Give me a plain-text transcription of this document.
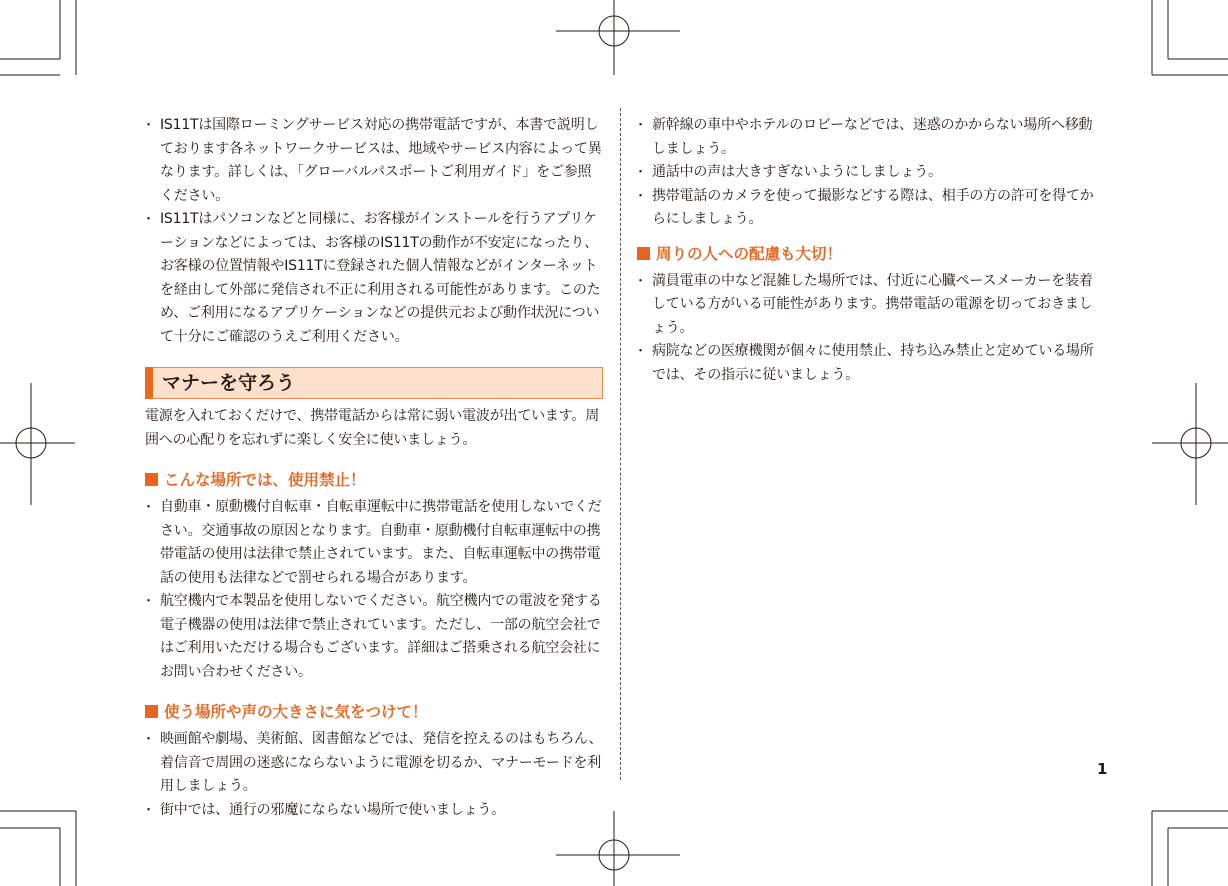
・ IS11Tは国際ローミングサービス対応の携帯電話ですが、本書で説明しております各ネットワークサービスは、地域やサービス内容によって異なります。詳しくは、「グローバルパスポートご利用ガイド」をご参照ください。
・ IS11Tはパソコンなどと同様に、お客様がインストールを行うアプリケーションなどによっては、お客様のIS11Tの動作が不安定になったり、お客様の位置情報やIS11Tに登録された個人情報などがインターネットを経由して外部に発信され不正に利用される可能性があります。このため、ご利用になるアプリケーションなどの提供元および動作状況について十分にご確認のうえご利用ください。
マナーを守ろう
電源を入れておくだけで、携帯電話からは常に弱い電波が出ています。周囲への心配りを忘れずに楽しく安全に使いましょう。
こんな場所では、使用禁止！
・ 自動車・原動機付自転車・自転車運転中に携帯電話を使用しないでください。交通事故の原因となります。自動車・原動機付自転車運転中の携帯電話の使用は法律で禁止されています。また、自転車運転中の携帯電話の使用も法律などで罰せられる場合があります。
・ 航空機内で本製品を使用しないでください。航空機内での電波を発する電子機器の使用は法律で禁止されています。ただし、一部の航空会社ではご利用いただける場合もございます。詳細はご搭乗される航空会社にお問い合わせください。
使う場所や声の大きさに気をつけて！
・ 映画館や劇場、美術館、図書館などでは、発信を控えるのはもちろん、着信音で周囲の迷惑にならないように電源を切るか、マナーモードを利用しましょう。
・ 街中では、通行の邪魔にならない場所で使いましょう。
・ 新幹線の車中やホテルのロビーなどでは、迷惑のかからない場所へ移動しましょう。
・ 通話中の声は大きすぎないようにしましょう。
・ 携帯電話のカメラを使って撮影などする際は、相手の方の許可を得てからにしましょう。
周りの人への配慮も大切！
・ 満員電車の中など混雑した場所では、付近に心臓ペースメーカーを装着している方がいる可能性があります。携帯電話の電源を切っておきましょう。
・ 病院などの医療機関が個々に使用禁止、持ち込み禁止と定めている場所では、その指示に従いましょう。
1
